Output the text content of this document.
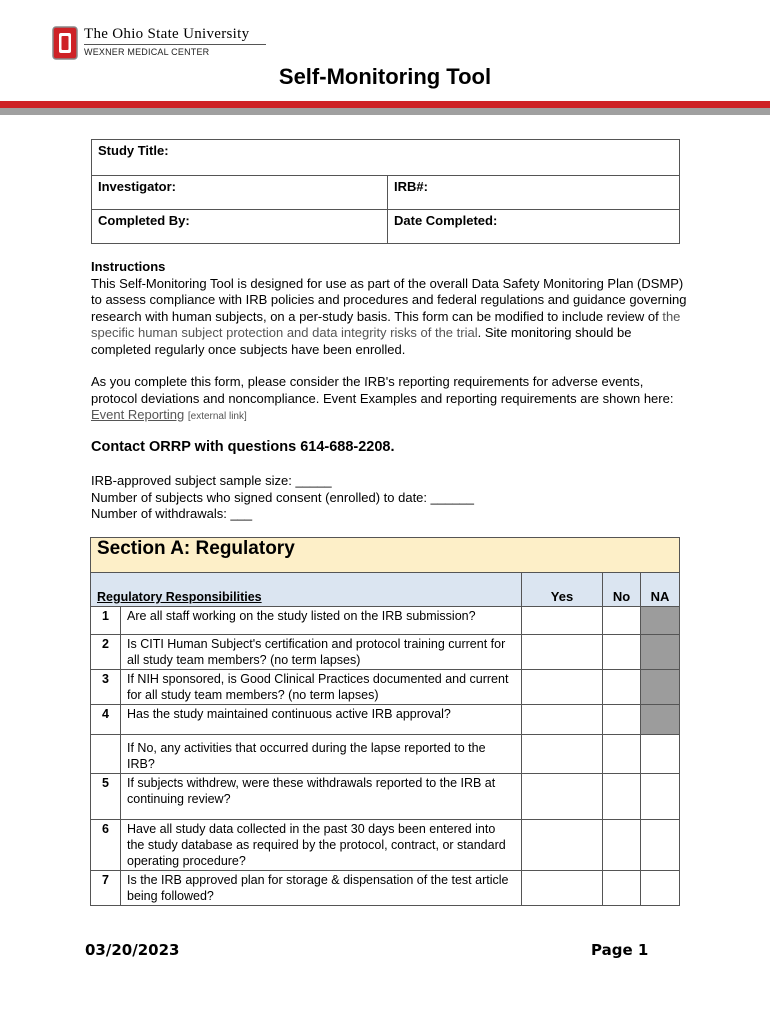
The Ohio State University
WEXNER MEDICAL CENTER
Self-Monitoring Tool
Study Title:	
Investigator:	IRB#:
Completed By:	Date Completed:
Instructions
This Self-Monitoring Tool is designed for use as part of the overall Data Safety Monitoring Plan (DSMP) to assess compliance with IRB policies and procedures and federal regulations and guidance governing research with human subjects, on a per-study basis. This form can be modified to include review of the specific human subject protection and data integrity risks of the trial. Site monitoring should be completed regularly once subjects have been enrolled.
As you complete this form, please consider the IRB's reporting requirements for adverse events, protocol deviations and noncompliance. Event Examples and reporting requirements are shown here: Event Reporting [external link]
Contact ORRP with questions 614-688-2208.
IRB-approved subject sample size: _____
Number of subjects who signed consent (enrolled) to date: ______
Number of withdrawals: ___
Section A: Regulatory				
Regulatory Responsibilities		Yes	No	NA
1	Are all staff working on the study listed on the IRB submission?			
2	Is CITI Human Subject's certification and protocol training current for all study team members? (no term lapses)			
3	If NIH sponsored, is Good Clinical Practices documented and current for all study team members? (no term lapses)			
4	Has the study maintained continuous active IRB approval?			
	If No, any activities that occurred during the lapse reported to the IRB?			
5	If subjects withdrew, were these withdrawals reported to the IRB at continuing review?			
6	Have all study data collected in the past 30 days been entered into the study database as required by the protocol, contract, or standard operating procedure?			
7	Is the IRB approved plan for storage & dispensation of the test article being followed?			
03/20/2023	Page 1
